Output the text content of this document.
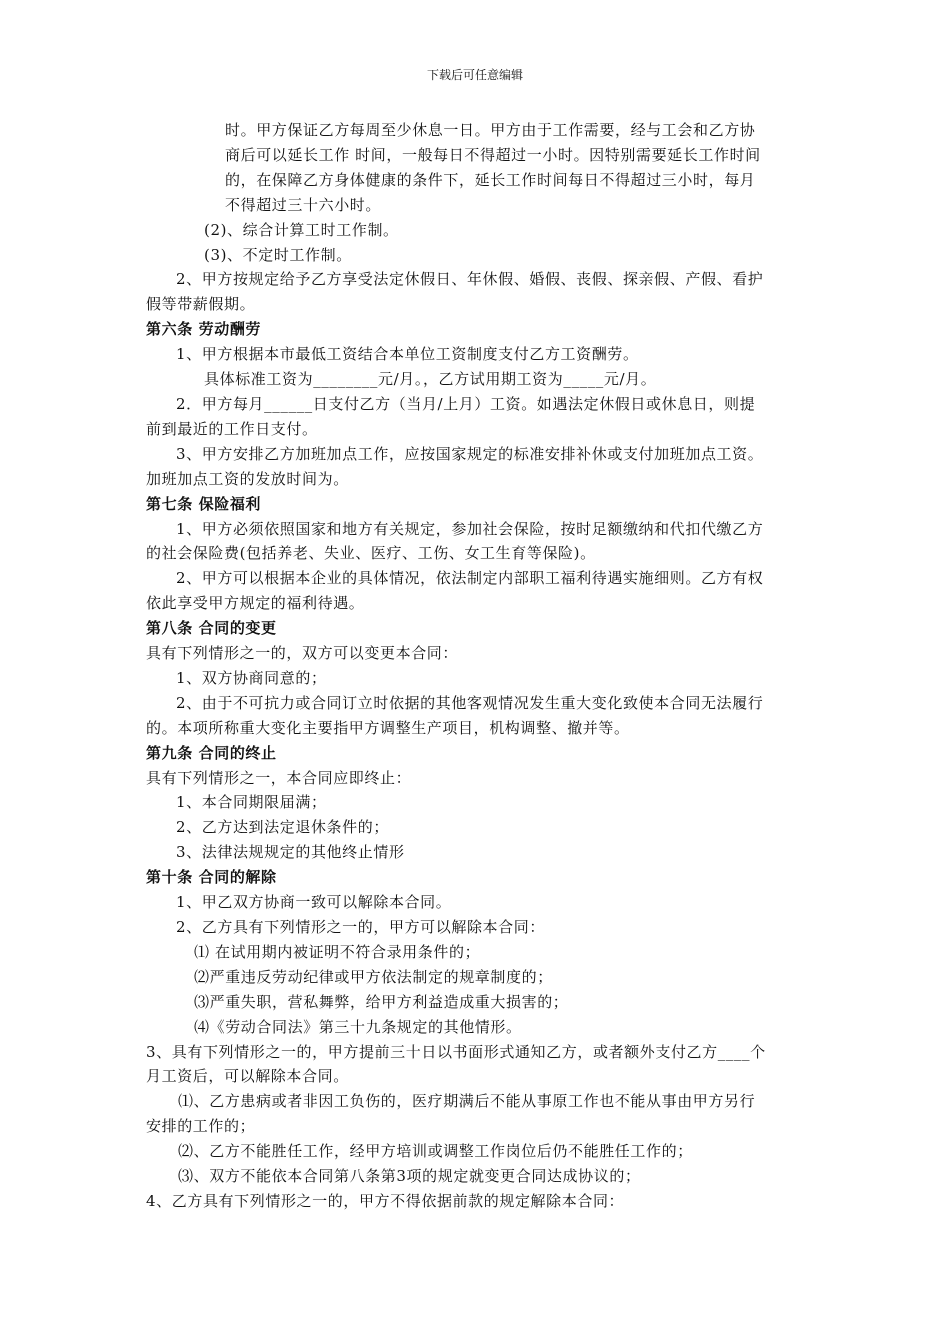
下载后可任意编辑
时。甲方保证乙方每周至少休息一日。甲方由于工作需要，经与工会和乙方协
商后可以延长工作 时间，一般每日不得超过一小时。因特别需要延长工作时间
的，在保障乙方身体健康的条件下，延长工作时间每日不得超过三小时，每月
不得超过三十六小时。
(2)、综合计算工时工作制。
(3)、不定时工作制。
2、甲方按规定给予乙方享受法定休假日、年休假、婚假、丧假、探亲假、产假、看护
假等带薪假期。
第六条 劳动酬劳
1、甲方根据本市最低工资结合本单位工资制度支付乙方工资酬劳。
具体标准工资为________元/月。，乙方试用期工资为_____元/月。
2．甲方每月______日支付乙方（当月/上月）工资。如遇法定休假日或休息日，则提
前到最近的工作日支付。
3、甲方安排乙方加班加点工作，应按国家规定的标准安排补休或支付加班加点工资。
加班加点工资的发放时间为。
第七条 保险福利
1、甲方必须依照国家和地方有关规定，参加社会保险，按时足额缴纳和代扣代缴乙方
的社会保险费(包括养老、失业、医疗、工伤、女工生育等保险)。
2、甲方可以根据本企业的具体情况，依法制定内部职工福利待遇实施细则。乙方有权
依此享受甲方规定的福利待遇。
第八条 合同的变更
具有下列情形之一的，双方可以变更本合同：
1、双方协商同意的；
2、由于不可抗力或合同订立时依据的其他客观情况发生重大变化致使本合同无法履行
的。本项所称重大变化主要指甲方调整生产项目，机构调整、撤并等。
第九条 合同的终止
具有下列情形之一，本合同应即终止：
1、本合同期限届满；
2、乙方达到法定退休条件的；
3、法律法规规定的其他终止情形
第十条 合同的解除
1、甲乙双方协商一致可以解除本合同。
2、乙方具有下列情形之一的，甲方可以解除本合同：
⑴ 在试用期内被证明不符合录用条件的；
⑵严重违反劳动纪律或甲方依法制定的规章制度的；
⑶严重失职，营私舞弊，给甲方利益造成重大损害的；
⑷《劳动合同法》第三十九条规定的其他情形。
3、具有下列情形之一的，甲方提前三十日以书面形式通知乙方，或者额外支付乙方____个
月工资后，可以解除本合同。
⑴、乙方患病或者非因工负伤的，医疗期满后不能从事原工作也不能从事由甲方另行
安排的工作的；
⑵、乙方不能胜任工作，经甲方培训或调整工作岗位后仍不能胜任工作的；
⑶、双方不能依本合同第八条第3项的规定就变更合同达成协议的；
4、乙方具有下列情形之一的，甲方不得依据前款的规定解除本合同：
